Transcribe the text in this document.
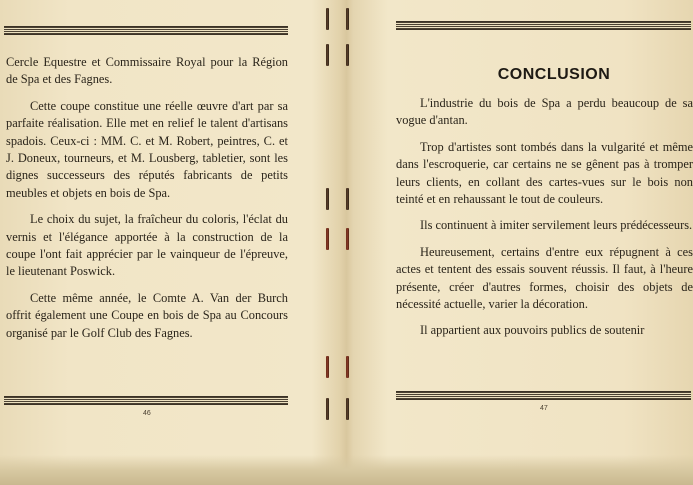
Cercle Equestre et Commissaire Royal pour la Région de Spa et des Fagnes.

Cette coupe constitue une réelle œuvre d'art par sa parfaite réalisation. Elle met en relief le talent d'artisans spadois. Ceux-ci : MM. C. et M. Robert, peintres, C. et J. Doneux, tourneurs, et M. Lousberg, tabletier, sont les dignes successeurs des réputés fabricants de petits meubles et objets en bois de Spa.

Le choix du sujet, la fraîcheur du coloris, l'éclat du vernis et l'élégance apportée à la construction de la coupe l'ont fait apprécier par le vainqueur de l'épreuve, le lieutenant Poswick.

Cette même année, le Comte A. Van der Burch offrit également une Coupe en bois de Spa au Concours organisé par le Golf Club des Fagnes.

46
CONCLUSION

L'industrie du bois de Spa a perdu beaucoup de sa vogue d'antan.

Trop d'artistes sont tombés dans la vulgarité et même dans l'escroquerie, car certains ne se gênent pas à tromper leurs clients, en collant des cartes-vues sur le bois non teinté et en rehaussant le tout de couleurs.

Ils continuent à imiter servilement leurs prédécesseurs.

Heureusement, certains d'entre eux répugnent à ces actes et tentent des essais souvent réussis. Il faut, à l'heure présente, créer d'autres formes, choisir des objets de nécessité actuelle, varier la décoration.

Il appartient aux pouvoirs publics de soutenir

47
